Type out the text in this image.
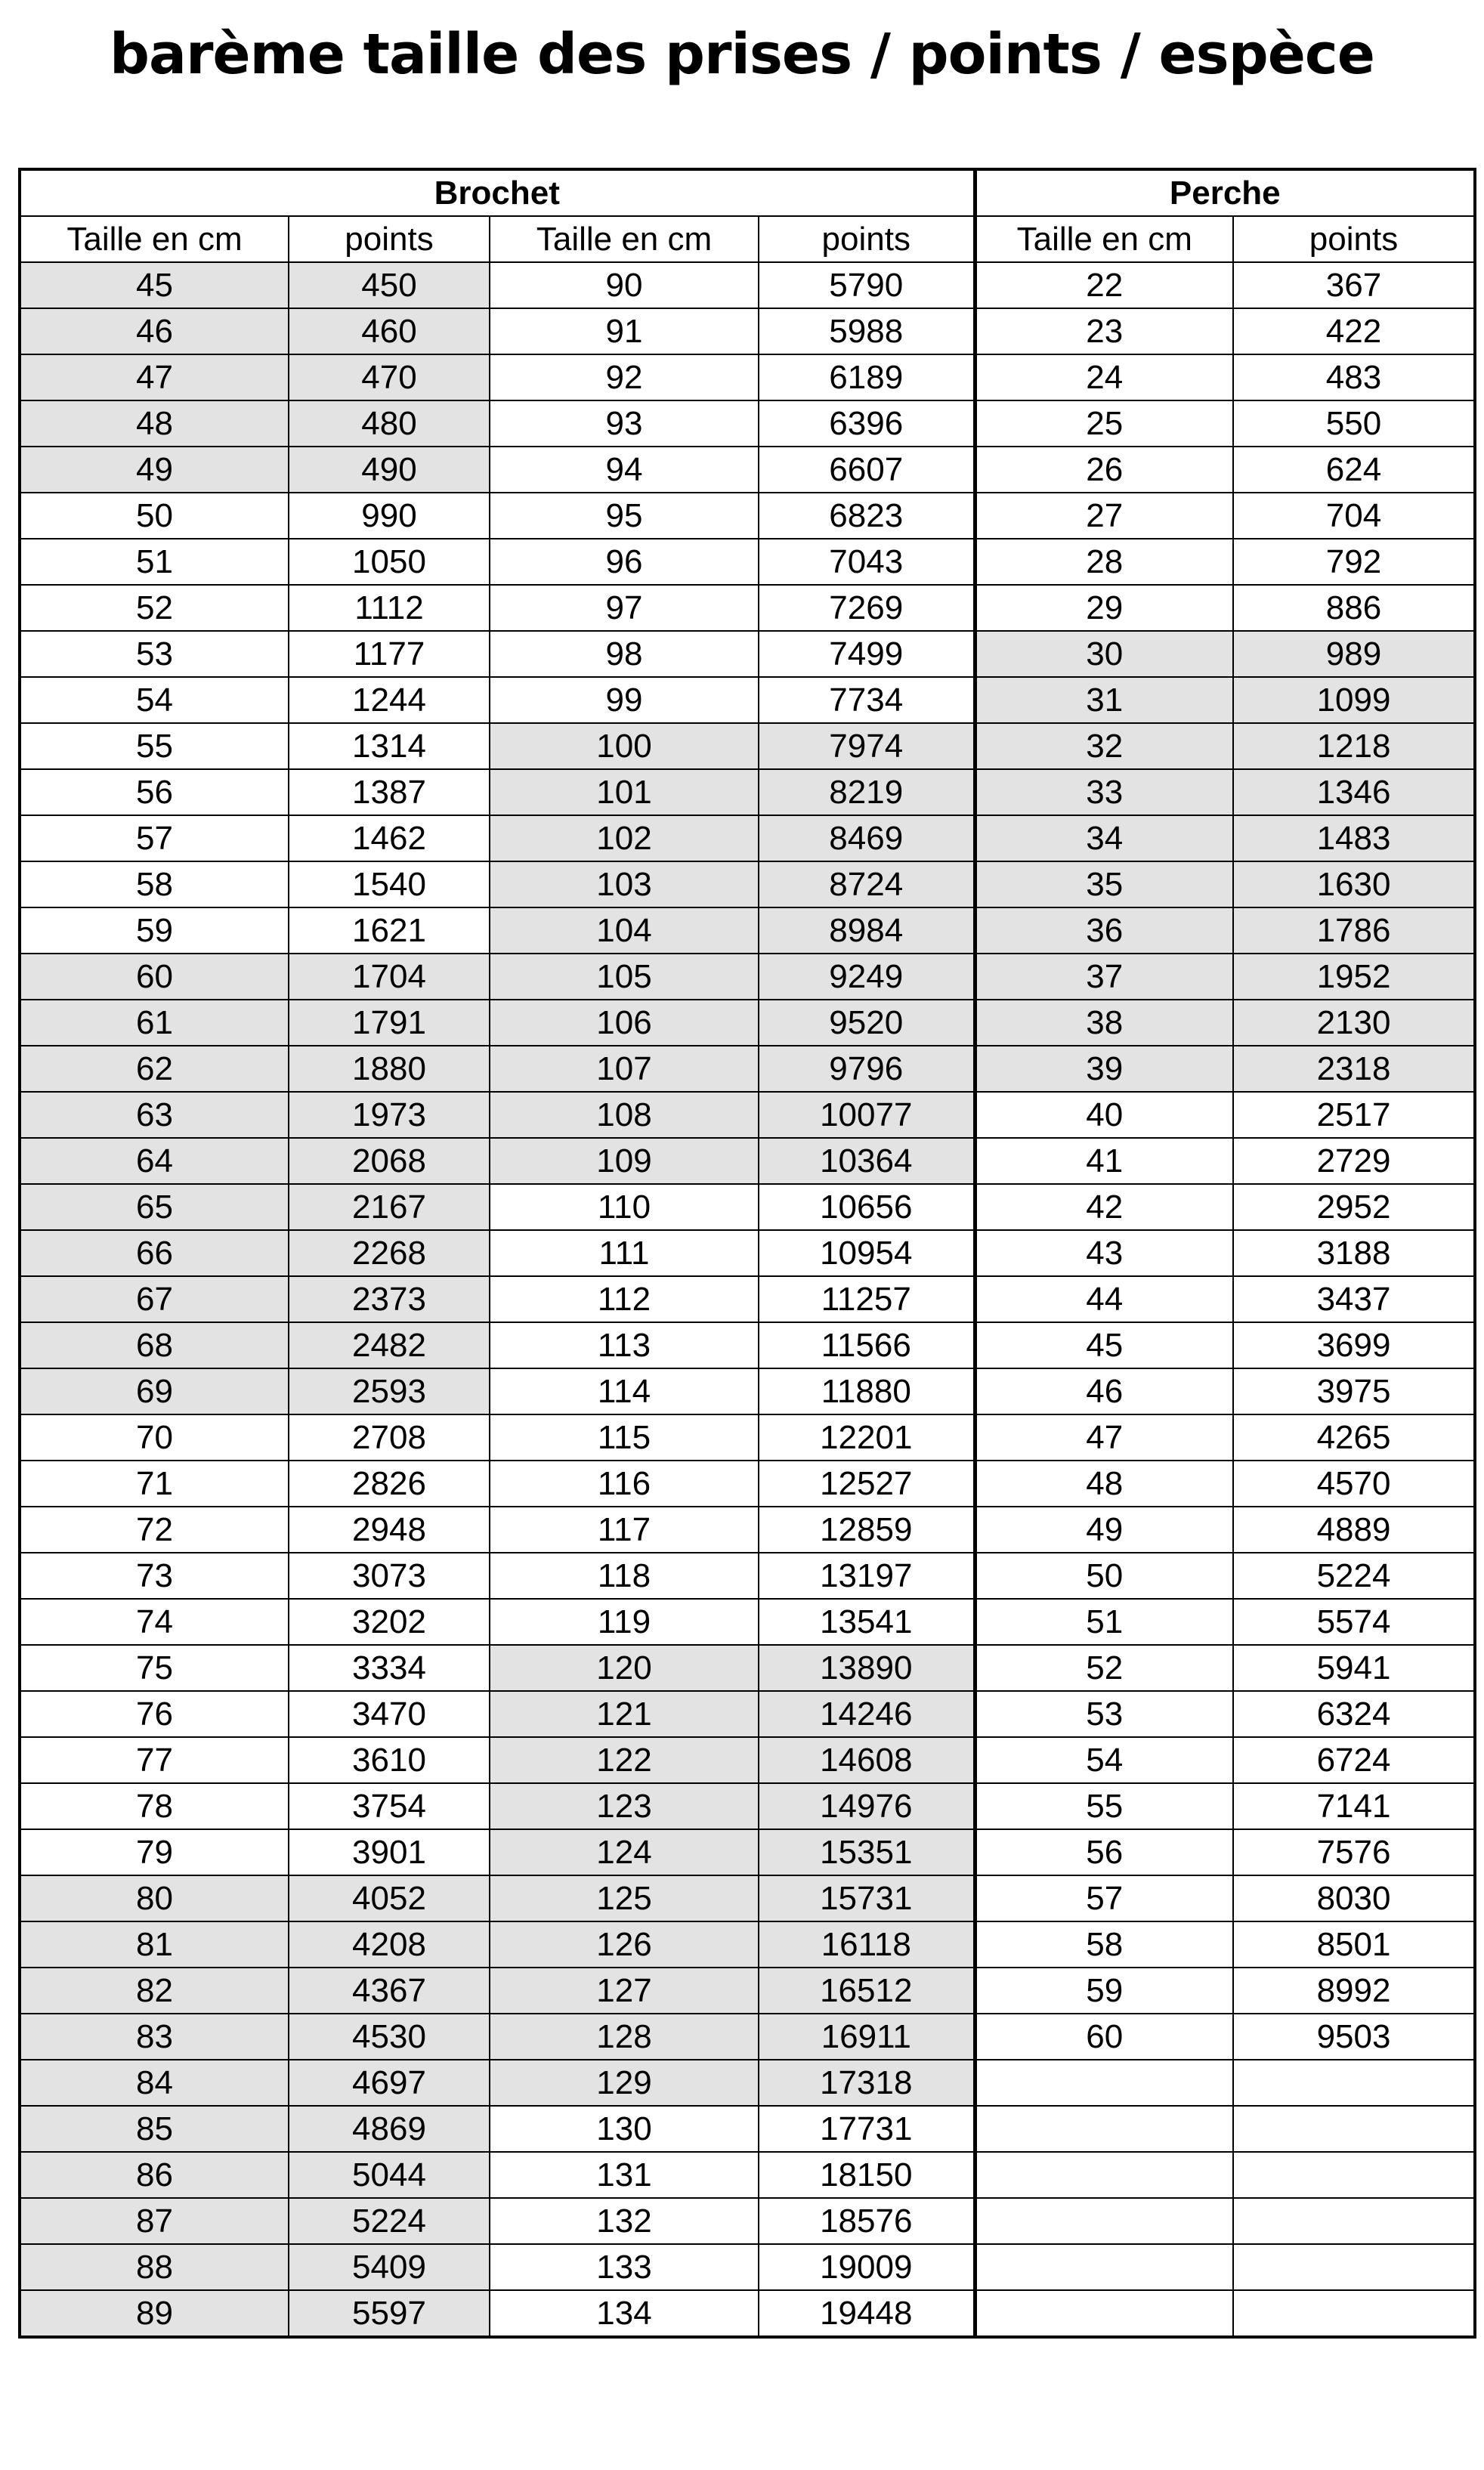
barème taille des prises / points / espèce
Brochet				Perche	
Taille en cm	points	Taille en cm	points	Taille en cm	points
45	450	90	5790	22	367
46	460	91	5988	23	422
47	470	92	6189	24	483
48	480	93	6396	25	550
49	490	94	6607	26	624
50	990	95	6823	27	704
51	1050	96	7043	28	792
52	1112	97	7269	29	886
53	1177	98	7499	30	989
54	1244	99	7734	31	1099
55	1314	100	7974	32	1218
56	1387	101	8219	33	1346
57	1462	102	8469	34	1483
58	1540	103	8724	35	1630
59	1621	104	8984	36	1786
60	1704	105	9249	37	1952
61	1791	106	9520	38	2130
62	1880	107	9796	39	2318
63	1973	108	10077	40	2517
64	2068	109	10364	41	2729
65	2167	110	10656	42	2952
66	2268	111	10954	43	3188
67	2373	112	11257	44	3437
68	2482	113	11566	45	3699
69	2593	114	11880	46	3975
70	2708	115	12201	47	4265
71	2826	116	12527	48	4570
72	2948	117	12859	49	4889
73	3073	118	13197	50	5224
74	3202	119	13541	51	5574
75	3334	120	13890	52	5941
76	3470	121	14246	53	6324
77	3610	122	14608	54	6724
78	3754	123	14976	55	7141
79	3901	124	15351	56	7576
80	4052	125	15731	57	8030
81	4208	126	16118	58	8501
82	4367	127	16512	59	8992
83	4530	128	16911	60	9503
84	4697	129	17318		
85	4869	130	17731		
86	5044	131	18150		
87	5224	132	18576		
88	5409	133	19009		
89	5597	134	19448		
